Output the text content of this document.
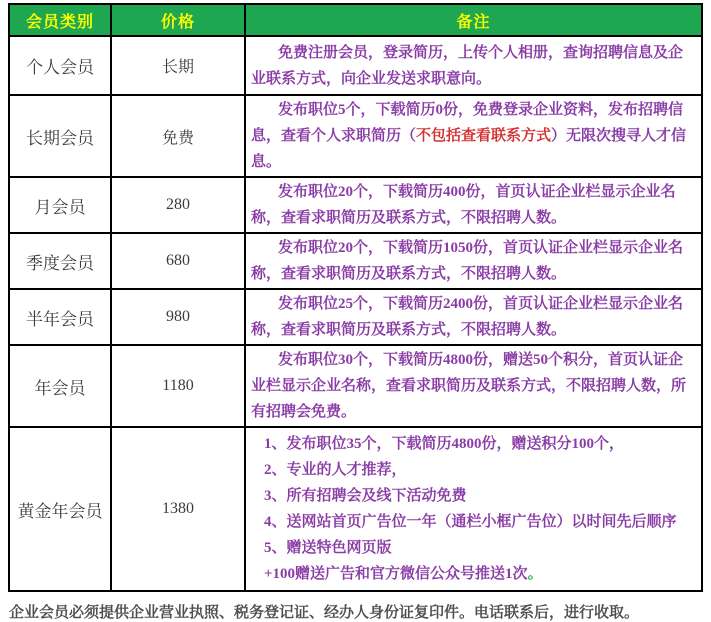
会员类别	价格	备注
个人会员	长期	免费注册会员，登录简历，上传个人相册，查询招聘信息及企业联系方式，向企业发送求职意向。

长期会员	免费	发布职位5个，下载简历0份，免费登录企业资料，发布招聘信息，查看个人求职简历（不包括查看联系方式）无限次搜寻人才信息。

月会员	280	发布职位20个，下载简历400份，首页认证企业栏显示企业名称，查看求职简历及联系方式，不限招聘人数。

季度会员	680	发布职位20个，下载简历1050份，首页认证企业栏显示企业名称，查看求职简历及联系方式，不限招聘人数。

半年会员	980	发布职位25个，下载简历2400份，首页认证企业栏显示企业名称，查看求职简历及联系方式，不限招聘人数。

年会员	1180	发布职位30个，下载简历4800份，赠送50个积分，首页认证企业栏显示企业名称，查看求职简历及联系方式，不限招聘人数，所有招聘会免费。

黄金年会员	1380	
1、发布职位35个，下载简历4800份，赠送积分100个，
2、专业的人才推荐，
3、所有招聘会及线下活动免费
4、送网站首页广告位一年（通栏小框广告位）以时间先后顺序
5、赠送特色网页版
+100赠送广告和官方微信公众号推送1次。
企业会员必须提供企业营业执照、税务登记证、经办人身份证复印件。电话联系后，进行收取。
